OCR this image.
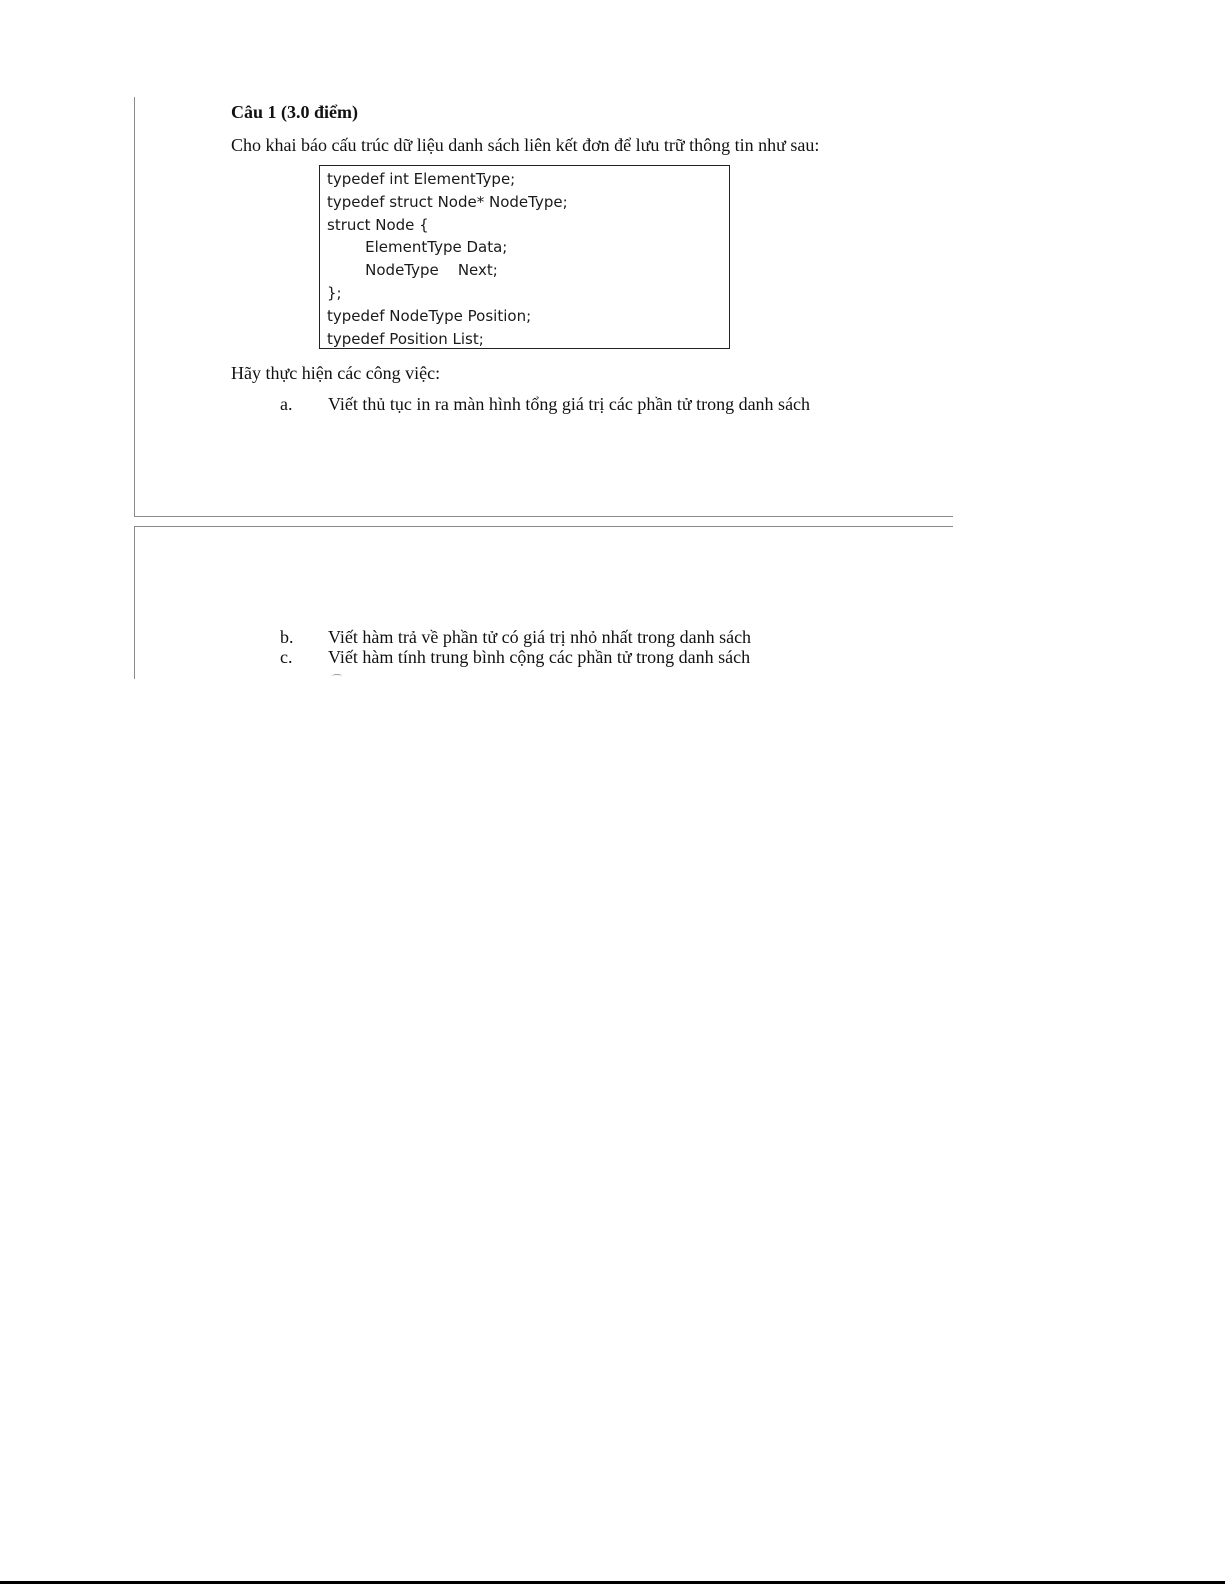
Câu 1 (3.0 điểm)
Cho khai báo cấu trúc dữ liệu danh sách liên kết đơn để lưu trữ thông tin như sau:
typedef int ElementType;
typedef struct Node* NodeType;
struct Node {
ElementType Data;
NodeType    Next;
};
typedef NodeType Position;
typedef Position List;
Hãy thực hiện các công việc:
a. Viết thủ tục in ra màn hình tổng giá trị các phần tử trong danh sách
b. Viết hàm trả về phần tử có giá trị nhỏ nhất trong danh sách
c. Viết hàm tính trung bình cộng các phần tử trong danh sách
